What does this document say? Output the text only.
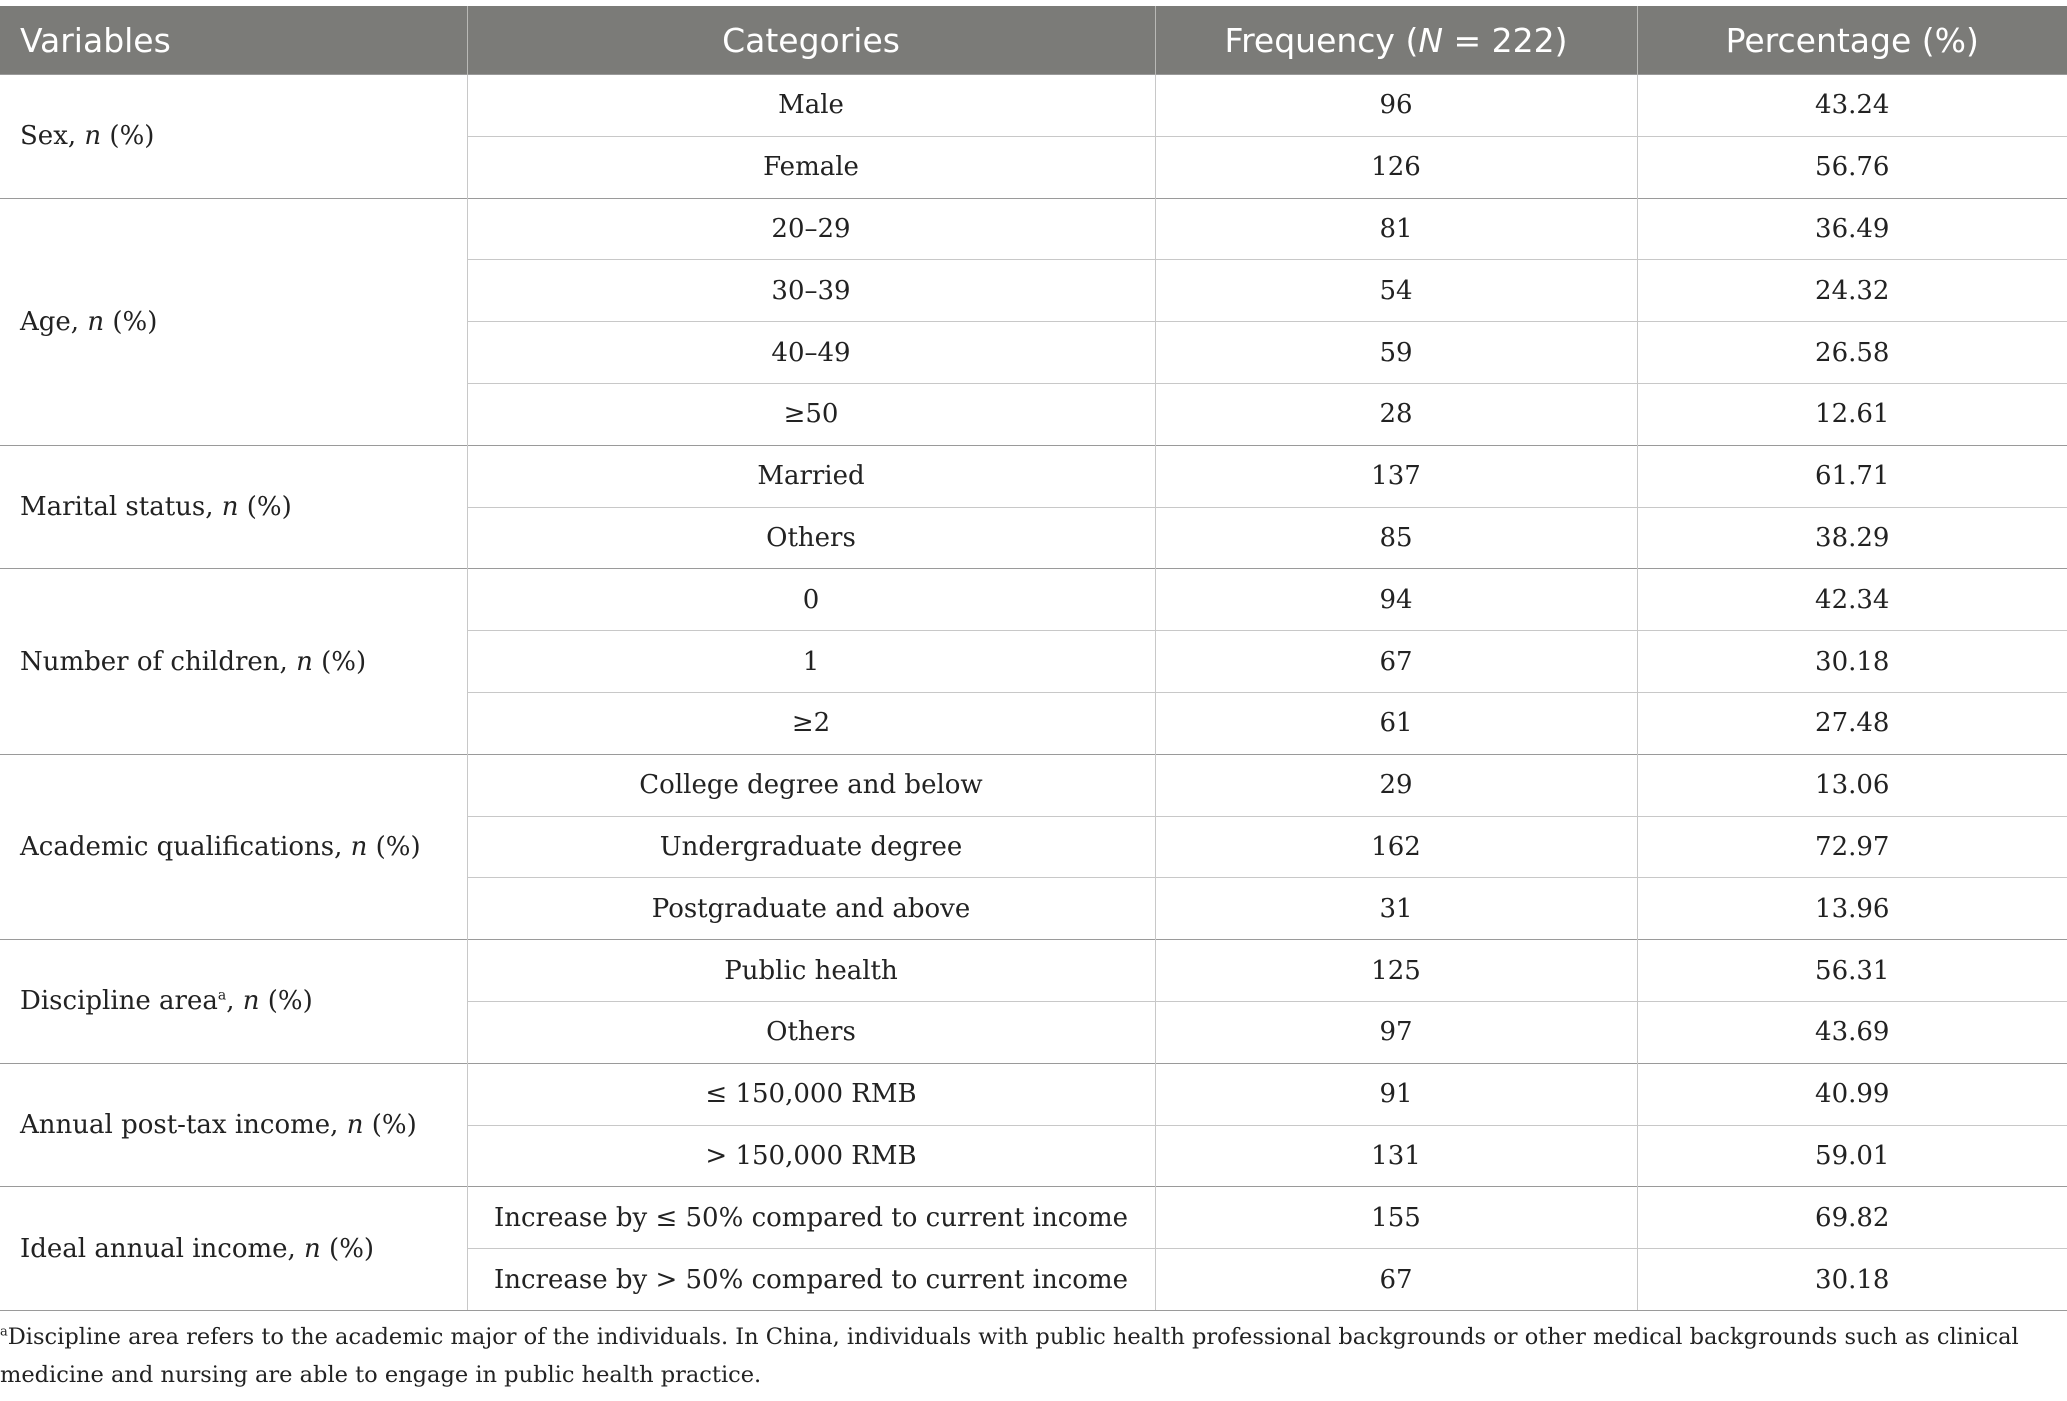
Variables	Categories	Frequency (N = 222)	Percentage (%)
Sex, n (%)	Male	96	43.24
	Female	126	56.76
Age, n (%)	20–29	81	36.49
	30–39	54	24.32
	40–49	59	26.58
	≥50	28	12.61
Marital status, n (%)	Married	137	61.71
	Others	85	38.29
Number of children, n (%)	0	94	42.34
	1	67	30.18
	≥2	61	27.48
Academic qualifications, n (%)	College degree and below	29	13.06
	Undergraduate degree	162	72.97
	Postgraduate and above	31	13.96
Discipline area$^a$, n (%)	Public health	125	56.31
	Others	97	43.69
Annual post-tax income, n (%)	≤ 150,000 RMB	91	40.99
	> 150,000 RMB	131	59.01
Ideal annual income, n (%)	Increase by ≤ 50% compared to current income	155	69.82
	Increase by > 50% compared to current income	67	30.18
$^a$Discipline area refers to the academic major of the individuals. In China, individuals with public health professional backgrounds or other medical backgrounds such as clinical medicine and nursing are able to engage in public health practice.
